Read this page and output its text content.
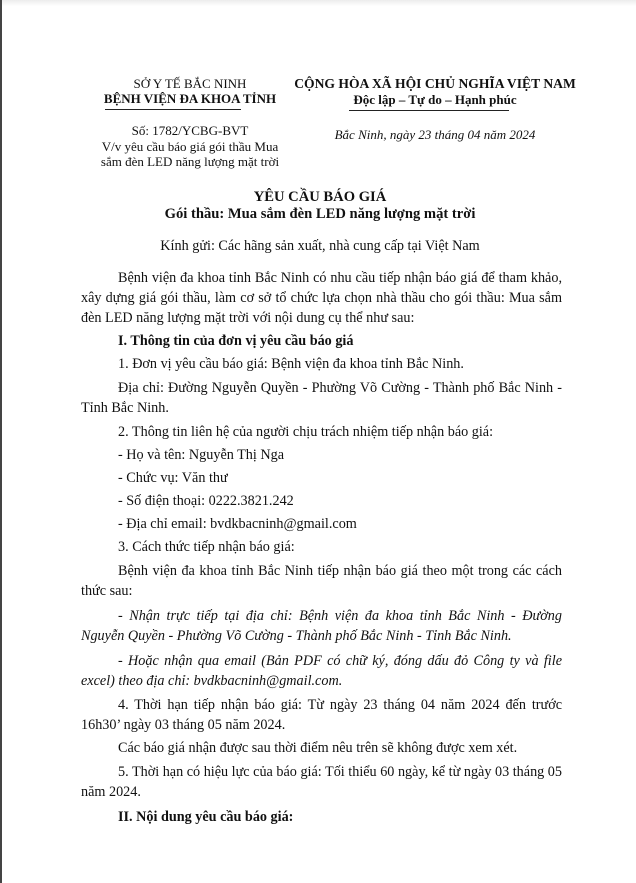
SỞ Y TẾ BẮC NINH
BỆNH VIỆN ĐA KHOA TỈNH
Số: 1782/YCBG-BVT
V/v yêu cầu báo giá gói thầu Mua
sắm đèn LED năng lượng mặt trời
CỘNG HÒA XÃ HỘI CHỦ NGHĨA VIỆT NAM
Độc lập – Tự do – Hạnh phúc
Bắc Ninh, ngày 23 tháng 04 năm 2024
YÊU CẦU BÁO GIÁ
Gói thầu: Mua sắm đèn LED năng lượng mặt trời
Kính gửi: Các hãng sản xuất, nhà cung cấp tại Việt Nam
Bệnh viện đa khoa tỉnh Bắc Ninh có nhu cầu tiếp nhận báo giá để tham khảo, xây dựng giá gói thầu, làm cơ sở tổ chức lựa chọn nhà thầu cho gói thầu: Mua sắm đèn LED năng lượng mặt trời với nội dung cụ thể như sau:
I. Thông tin của đơn vị yêu cầu báo giá
1. Đơn vị yêu cầu báo giá: Bệnh viện đa khoa tỉnh Bắc Ninh.
Địa chỉ: Đường Nguyễn Quyền - Phường Võ Cường - Thành phố Bắc Ninh - Tỉnh Bắc Ninh.
2. Thông tin liên hệ của người chịu trách nhiệm tiếp nhận báo giá:
- Họ và tên: Nguyễn Thị Nga
- Chức vụ: Văn thư
- Số điện thoại: 0222.3821.242
- Địa chỉ email: bvdkbacninh@gmail.com
3. Cách thức tiếp nhận báo giá:
Bệnh viện đa khoa tỉnh Bắc Ninh tiếp nhận báo giá theo một trong các cách thức sau:
- Nhận trực tiếp tại địa chỉ: Bệnh viện đa khoa tỉnh Bắc Ninh - Đường Nguyễn Quyền - Phường Võ Cường - Thành phố Bắc Ninh - Tỉnh Bắc Ninh.
- Hoặc nhận qua email (Bản PDF có chữ ký, đóng dấu đỏ Công ty và file excel) theo địa chỉ: bvdkbacninh@gmail.com.
4. Thời hạn tiếp nhận báo giá: Từ ngày 23 tháng 04 năm 2024 đến trước 16h30’ ngày 03 tháng 05 năm 2024.
Các báo giá nhận được sau thời điểm nêu trên sẽ không được xem xét.
5. Thời hạn có hiệu lực của báo giá: Tối thiểu 60 ngày, kể từ ngày 03 tháng 05 năm 2024.
II. Nội dung yêu cầu báo giá:
